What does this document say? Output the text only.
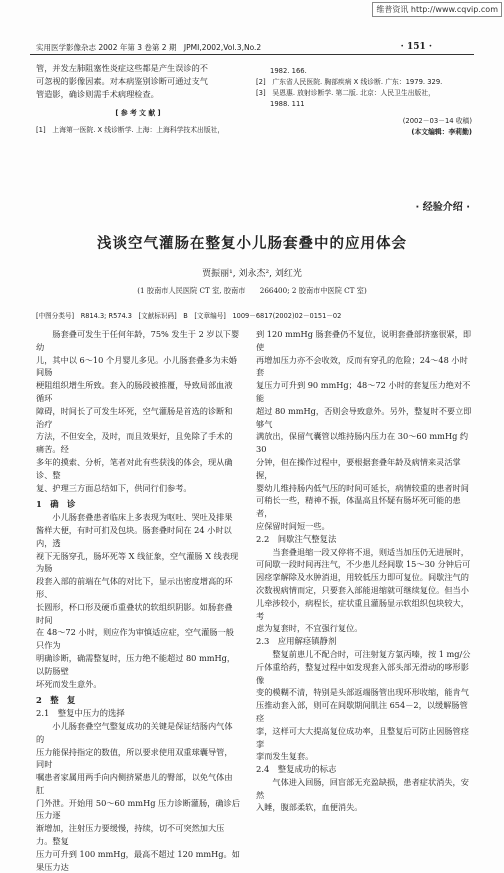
维普资讯 http://www.cqvip.com
实用医学影像杂志 2002 年第 3 卷第 2 期　JPMI,2002,Vol.3,No.2	· 151 ·

管，并发左肺阻塞性炎症这些都是产生误诊的不

可忽视的影像因素。对本病鉴别诊断可通过支气

管造影，确诊则需手术病理检查。

[ 参 考 文 献 ]

[1]　上海第一医院. X 线诊断学. 上海：上海科学技术出版社，

1982. 166.

[2]　广东省人民医院. 胸部疾病 X 线诊断. 广东：1979. 329.

[3]　吴恩惠. 放射诊断学. 第二版. 北京：人民卫生出版社，

1988. 111

(2002－03－14 收稿)

(本文编辑：李莉勤)

· 经验介绍 ·
浅谈空气灌肠在整复小儿肠套叠中的应用体会
贾振丽¹, 刘永杰², 刘红光
(1 胶南市人民医院 CT 室, 胶南市　　266400; 2 胶南市中医院 CT 室)
[中图分类号]　R814.3; R574.3　[文献标识码]　B　[文章编号]　1009－6817(2002)02－0151－02

　　肠套叠可发生于任何年龄，75% 发生于 2 岁以下婴幼

儿，其中以 6～10 个月婴儿多见。小儿肠套叠多为未婚间肠

梗阻组织增生所致。套入的肠段被推覆，导致局部血液循环

障碍，时间长了可发生坏死，空气灌肠是首选的诊断和治疗

方法，不但安全，及时，而且效果好，且免除了手术的痛苦。经

多年的摸索、分析，笔者对此有些获浅的体会，现从确诊、整

复、护理三方面总结如下，供同行们参考。

1　确　诊

　　小儿肠套叠患者临床上多表现为呕吐、哭吐及排果

酱样大便，有时可扪及包块。肠套叠时间在 24 小时以内，透

视下无肠穿孔，肠坏死等 X 线征象，空气灌肠 X 线表现为肠

段套入部的前端在气体的对比下，显示出密度增高的环形、

长圆形，杯口形及硬币重叠状的软组织阴影。如肠套叠时间

在 48～72 小时，则应作为审慎适应症，空气灌肠一般只作为

明确诊断，确需整复时，压力绝不能超过 80 mmHg，以防肠壁

坏死而发生意外。

2　整　复

2.1　整复中压力的选择

　　小儿肠套叠空气整复成功的关键是保证结肠内气体的

压力能保持指定的数值，所以要求使用双重球囊导管，同时

嘱患者家属用两手向内侧挤紧患儿的臀部，以免气体由肛

门外泄。开始用 50～60 mmHg 压力诊断灌肠，确诊后压力逐

渐增加，注射压力要缓慢，持续，切不可突然加大压力。整复

压力可升到 100 mmHg，最高不超过 120 mmHg。如果压力达

到 120 mmHg 肠套叠仍不复位，说明套叠部挤塞很紧，即使

再增加压力亦不会收效，反而有穿孔的危险；24～48 小时套

复压力可升到 90 mmHg；48～72 小时的套复压力绝对不能

超过 80 mmHg，否则会导致意外。另外，整复时不要立即够气

满放出，保留气囊管以维持肠内压力在 30～60 mmHg 约 30

分钟，但在操作过程中，要根据套叠年龄及病情来灵活掌握，

婴幼儿维持肠内低气压的时间可延长，病情较重的患者时间

可稍长一些，精神不振，体温高且怀疑有肠坏死可能的患者，

应保留时间短一些。

2.2　间歇注气整复法

　　当套叠退缩一段又停将不退，则适当加压仍无进展时，

可间歇一段时间再注气，不少患儿经间歇 15～30 分钟后可

因痉挛解除及水肿消退，用较低压力即可复位。间歇注气的

次数视病情而定，只要套入部能退缩就可继续复位。但当小

儿牵涉较小，病程长，症状重且灌肠显示软组织包块较大，考

虑为复套时，不宜强行复位。

2.3　应用解痉镇静剂

　　整复前患儿不配合时，可注射复方氯丙嗪，按 1 mg/公

斤体重给药，整复过程中如发现套入部头部无滑动的哆形影像

变的模糊不清，特别是头部返端肠管出现环形收缩，能肯气

压推动套入部，则可在间歇期间肌注 654－2，以缓解肠管痉

挛，这样可大大提高复位成功率，且整复后可防止因肠管痉挛

挛而发生复套。

2.4　整复成功的标志

　　气体进入回肠，回盲部无充盈缺损，患者症状消失，安然

入睡，腹部柔软，血便消失。
